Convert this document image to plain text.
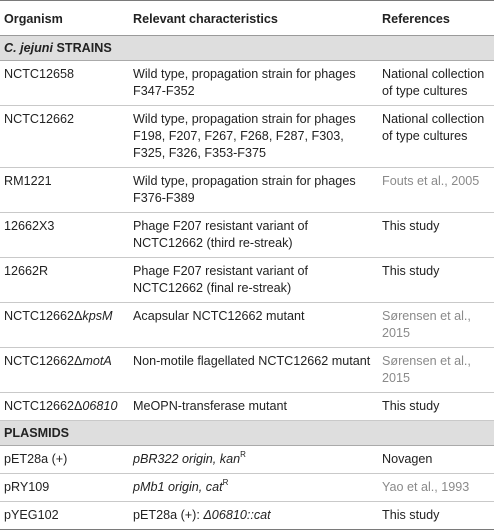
Organism	Relevant characteristics	References
C. jejuni STRAINS		
NCTC12658	Wild type, propagation strain for phages F347-F352	National collection of type cultures
NCTC12662	Wild type, propagation strain for phages F198, F207, F267, F268, F287, F303, F325, F326, F353-F375	National collection of type cultures
RM1221	Wild type, propagation strain for phages F376-F389	Fouts et al., 2005
12662X3	Phage F207 resistant variant of NCTC12662 (third re-streak)	This study
12662R	Phage F207 resistant variant of NCTC12662 (final re-streak)	This study
NCTC12662ΔkpsM	Acapsular NCTC12662 mutant	Sørensen et al., 2015
NCTC12662ΔmotA	Non-motile flagellated NCTC12662 mutant	Sørensen et al., 2015
NCTC12662Δ06810	MeOPN-transferase mutant	This study
PLASMIDS		
pET28a (+)	pBR322 origin, kan$^R$	Novagen
pRY109	pMb1 origin, cat$^R$	Yao et al., 1993
pYEG102	pET28a (+): Δ06810::cat	This study
